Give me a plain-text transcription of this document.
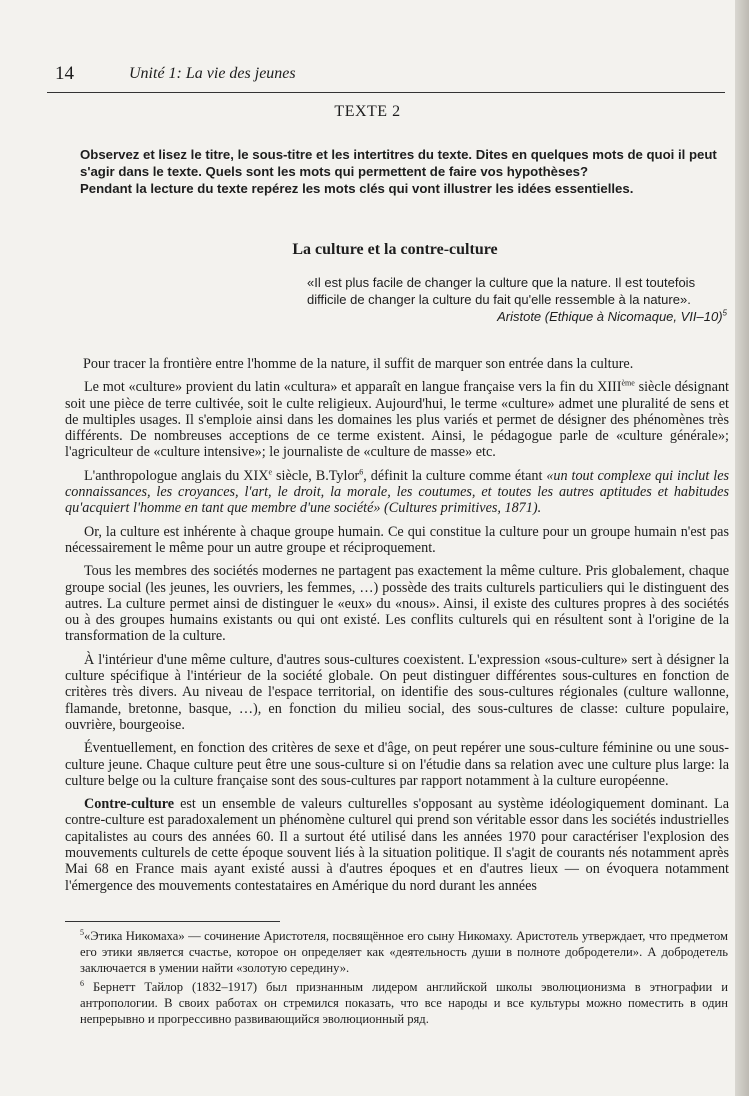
14	Unité 1: La vie des jeunes
TEXTE 2

Observez et lisez le titre, le sous-titre et les intertitres du texte. Dites en quelques mots de quoi il peut s'agir dans le texte. Quels sont les mots qui permettent de faire vos hypothèses?

Pendant la lecture du texte repérez les mots clés qui vont illustrer les idées essentielles.

La culture et la contre-culture

«Il est plus facile de changer la culture que la nature. Il est toutefois difficile de changer la culture du fait qu'elle ressemble à la nature».

Aristote (Ethique à Nicomaque, VII–10)$^5$

Pour tracer la frontière entre l'homme de la nature, il suffit de marquer son entrée dans la culture.

Le mot «culture» provient du latin «cultura» et apparaît en langue française vers la fin du XIIIème siècle désignant soit une pièce de terre cultivée, soit le culte religieux. Aujourd'hui, le terme «culture» admet une pluralité de sens et de multiples usages. Il s'emploie ainsi dans les domaines les plus variés et permet de désigner des phénomènes très différents. De nombreuses acceptions de ce terme existent. Ainsi, le pédagogue parle de «culture générale»; l'agriculteur de «culture intensive»; le journaliste de «culture de masse» etc.

L'anthropologue anglais du XIXe siècle, B.Tylor$^6$, définit la culture comme étant «un tout complexe qui inclut les connaissances, les croyances, l'art, le droit, la morale, les coutumes, et toutes les autres aptitudes et habitudes qu'acquiert l'homme en tant que membre d'une société» (Cultures primitives, 1871).

Or, la culture est inhérente à chaque groupe humain. Ce qui constitue la culture pour un groupe humain n'est pas nécessairement le même pour un autre groupe et réciproquement.

Tous les membres des sociétés modernes ne partagent pas exactement la même culture. Pris globalement, chaque groupe social (les jeunes, les ouvriers, les femmes, …) possède des traits culturels particuliers qui le distinguent des autres. La culture permet ainsi de distinguer le «eux» du «nous». Ainsi, il existe des cultures propres à des sociétés ou à des groupes humains existants ou qui ont existé. Les conflits culturels qui en résultent sont à l'origine de la transformation de la culture.

À l'intérieur d'une même culture, d'autres sous-cultures coexistent. L'expression «sous-culture» sert à désigner la culture spécifique à l'intérieur de la société globale. On peut distinguer différentes sous-cultures en fonction de critères très divers. Au niveau de l'espace territorial, on identifie des sous-cultures régionales (culture wallonne, flamande, bretonne, basque, …), en fonction du milieu social, des sous-cultures de classe: culture populaire, ouvrière, bourgeoise.

Éventuellement, en fonction des critères de sexe et d'âge, on peut repérer une sous-culture féminine ou une sous-culture jeune. Chaque culture peut être une sous-culture si on l'étudie dans sa relation avec une culture plus large: la culture belge ou la culture française sont des sous-cultures par rapport notamment à la culture européenne.

Contre-culture est un ensemble de valeurs culturelles s'opposant au système idéologiquement dominant. La contre-culture est paradoxalement un phénomène culturel qui prend son véritable essor dans les sociétés industrielles capitalistes au cours des années 60. Il a surtout été utilisé dans les années 1970 pour caractériser l'explosion des mouvements culturels de cette époque souvent liés à la situation politique. Il s'agit de courants nés notamment après Mai 68 en France mais ayant existé aussi à d'autres époques et en d'autres lieux — on évoquera notamment l'émergence des mouvements contestataires en Amérique du nord durant les années

$^5$«Этика Никомаха» — сочинение Аристотеля, посвящённое его сыну Никомаху. Аристотель утверждает, что предметом его этики является счастье, которое он определяет как «деятельность души в полноте добродетели». А добродетель заключается в умении найти «золотую середину».

$^6$ Бернетт Тайлор (1832–1917) был признанным лидером английской школы эволюционизма в этнографии и антропологии. В своих работах он стремился показать, что все народы и все культуры можно поместить в один непрерывно и прогрессивно развивающийся эволюционный ряд.
